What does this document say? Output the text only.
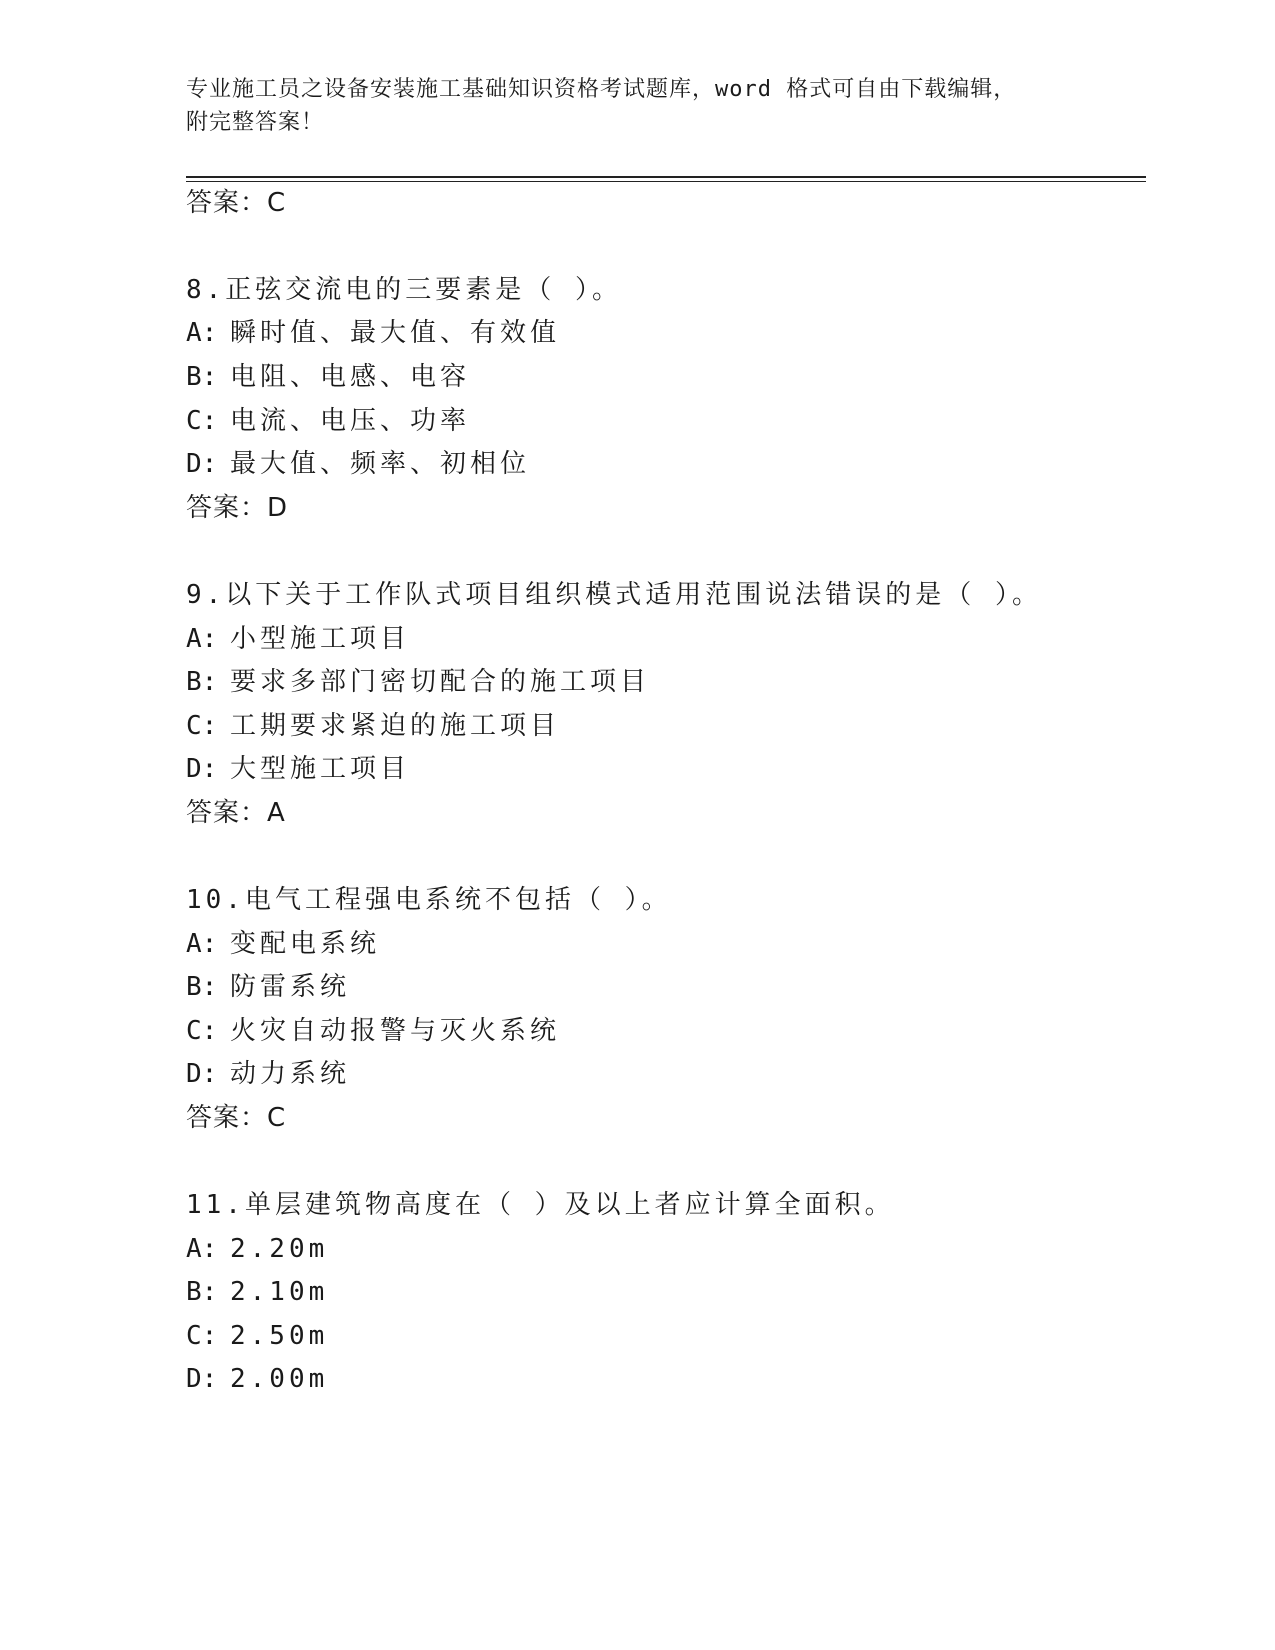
专业施工员之设备安装施工基础知识资格考试题库，word 格式可自由下载编辑，
附完整答案！
答案：C
8.正弦交流电的三要素是（ ）。
A: 瞬时值、最大值、有效值
B: 电阻、电感、电容
C: 电流、电压、功率
D: 最大值、频率、初相位
答案：D
9.以下关于工作队式项目组织模式适用范围说法错误的是（ ）。
A: 小型施工项目
B: 要求多部门密切配合的施工项目
C: 工期要求紧迫的施工项目
D: 大型施工项目
答案：A
10.电气工程强电系统不包括（ ）。
A: 变配电系统
B: 防雷系统
C: 火灾自动报警与灭火系统
D: 动力系统
答案：C
11.单层建筑物高度在（ ）及以上者应计算全面积。
A: 2.20m
B: 2.10m
C: 2.50m
D: 2.00m
